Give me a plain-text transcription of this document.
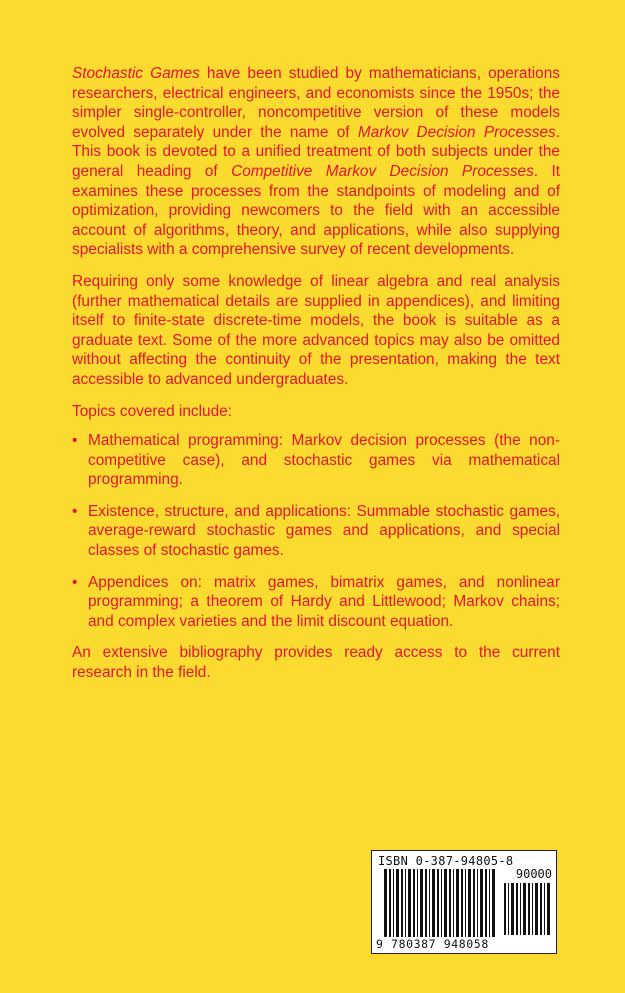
Stochastic Games have been studied by mathematicians, operations researchers, electrical engineers, and economists since the 1950s; the simpler single-controller, noncompetitive version of these models evolved separately under the name of Markov Decision Processes. This book is devoted to a unified treatment of both subjects under the general heading of Competitive Markov Decision Processes. It examines these processes from the standpoints of modeling and of optimization, providing newcomers to the field with an accessible account of algorithms, theory, and applications, while also supplying specialists with a comprehensive survey of recent developments.

Requiring only some knowledge of linear algebra and real analysis (further mathematical details are supplied in appendices), and limiting itself to finite-state discrete-time models, the book is suitable as a graduate text. Some of the more advanced topics may also be omitted without affecting the continuity of the presentation, making the text accessible to advanced undergraduates.

Topics covered include:

• Mathematical programming: Markov decision processes (the non-competitive case), and stochastic games via mathematical programming.
• Existence, structure, and applications: Summable stochastic games, average-reward stochastic games and applications, and special classes of stochastic games.
• Appendices on: matrix games, bimatrix games, and nonlinear programming; a theorem of Hardy and Littlewood; Markov chains; and complex varieties and the limit discount equation.

An extensive bibliography provides ready access to the current research in the field.

ISBN 0-387-94805-8
90000
9 780387 948058
